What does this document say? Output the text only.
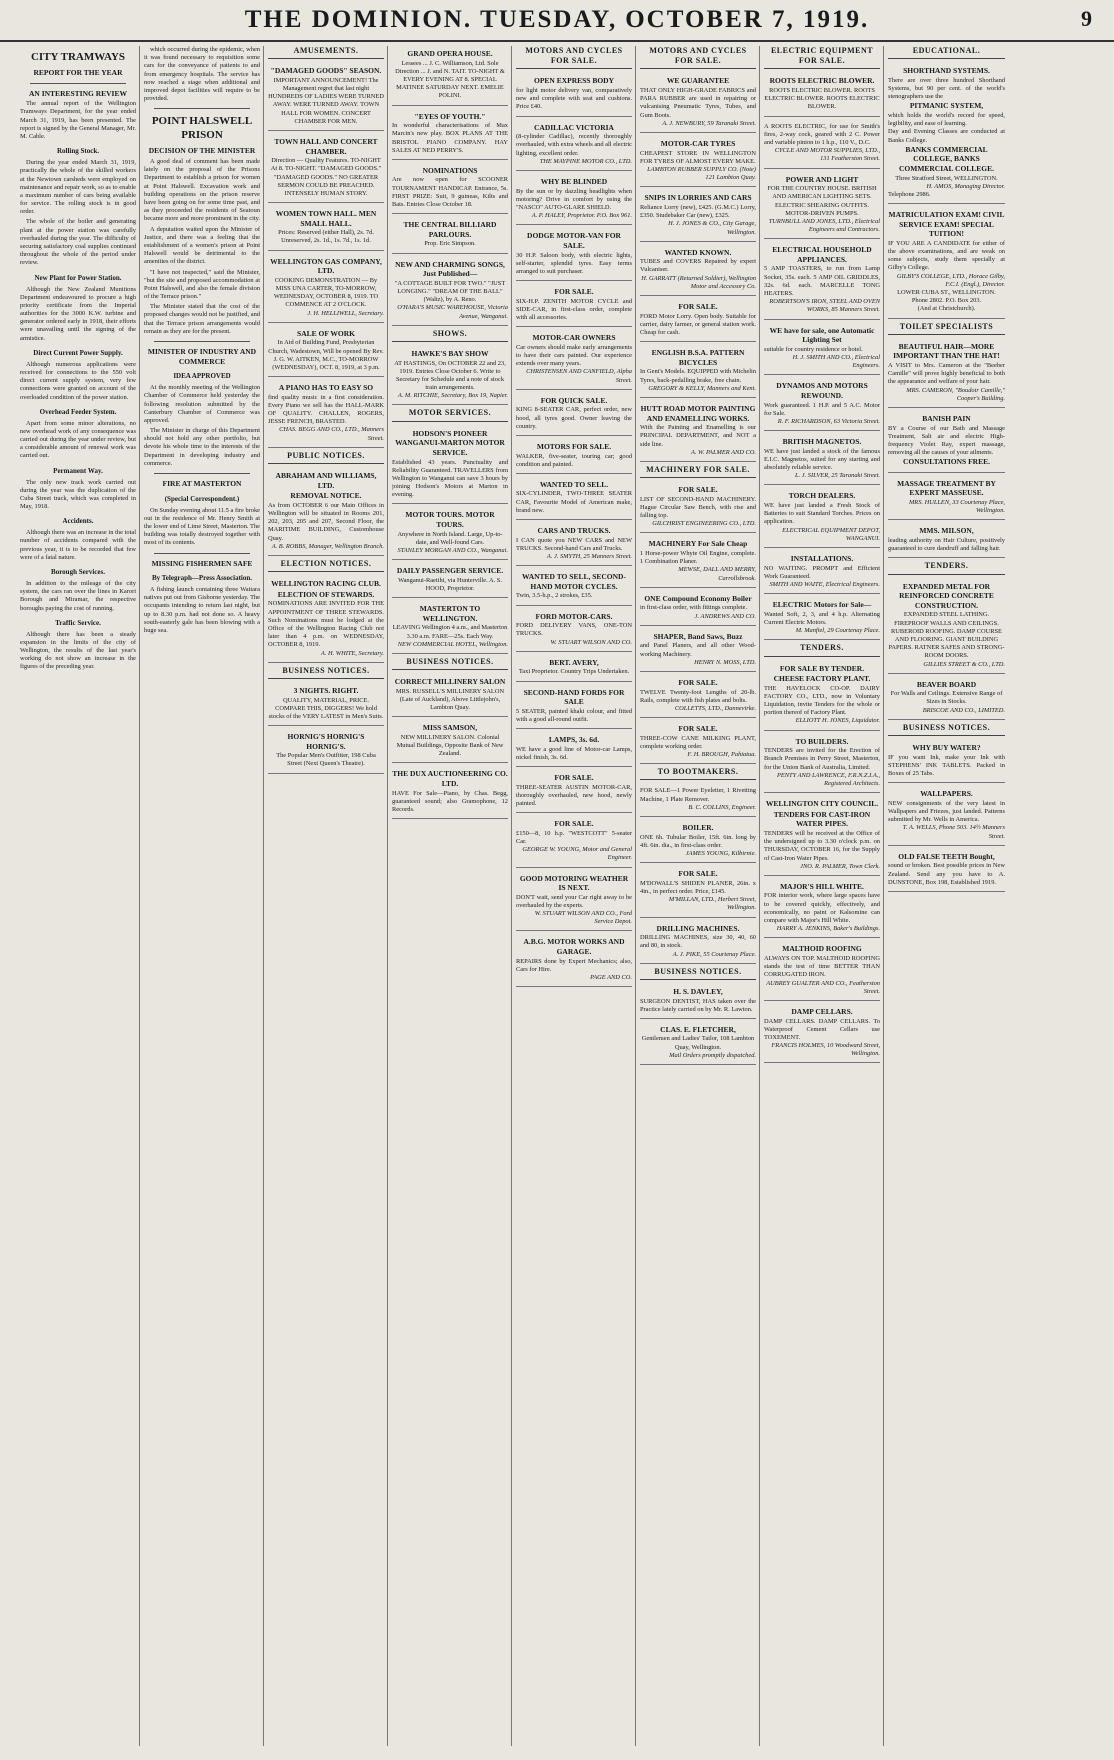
THE DOMINION. TUESDAY, OCTOBER 7, 1919.	9
CITY TRAMWAYS
REPORT FOR THE YEAR
AN INTERESTING REVIEW
The annual report of the Wellington Tramways Department, for the year ended March 31, 1919, has been presented. The report is signed by the General Manager, Mr. M. Cable.
Rolling Stock.
During the year ended March 31, 1919, practically the whole of the skilled workers at the Newtown carsheds were employed on maintenance and repair work, so as to enable a maximum number of cars being available for service. The rolling stock is in good order.
The whole of the boiler and generating plant at the power station was carefully overhauled during the year. The difficulty of securing satisfactory coal supplies continued throughout the whole of the period under review.
New Plant for Power Station.
Although the New Zealand Munitions Department endeavoured to procure a high priority certificate from the Imperial authorities for the 3000 K.W. turbine and generator ordered early in 1918, their efforts were unavailing until the signing of the armistice.
Direct Current Power Supply.
Although numerous applications were received for connections to the 550 volt direct current supply system, very few connections were granted on account of the overloaded condition of the power station.
Overhead Feeder System.
Apart from some minor alterations, no new overhead work of any consequence was carried out during the year under review, but a considerable amount of renewal work was carried out.
Permanent Way.
The only new track work carried out during the year was the duplication of the Cuba Street track, which was completed in May, 1918.
Accidents.
Although there was an increase in the total number of accidents compared with the previous year, it is to be recorded that few were of a fatal nature.
Borough Services.
In addition to the mileage of the city system, the cars ran over the lines in Karori Borough and Miramar, the respective boroughs paying the cost of running.
Traffic Service.
Although there has been a steady expansion in the limits of the city of Wellington, the results of the last year's working do not show an increase in the figures of the preceding year.
which occurred during the epidemic, when it was found necessary to requisition some cars for the conveyance of patients to and from emergency hospitals. The service has now reached a stage when additional and improved depot facilities will require to be provided.
POINT HALSWELL PRISON
DECISION OF THE MINISTER
A good deal of comment has been made lately on the proposal of the Prisons Department to establish a prison for women at Point Halswell. Excavation work and building operations on the prison reserve have been going on for some time past, and as they proceeded the residents of Seatoun became more and more prominent in the city.
A deputation waited upon the Minister of Justice, and there was a feeling that the establishment of a women's prison at Point Halswell would be detrimental to the amenities of the district.
"I have not inspected," said the Minister, "but the site and proposed accommodation at Point Halswell, and also the female division of the Terrace prison."
The Minister stated that the cost of the proposed changes would not be justified, and that the Terrace prison arrangements would remain as they are for the present.
MINISTER OF INDUSTRY AND COMMERCE
IDEA APPROVED
At the monthly meeting of the Wellington Chamber of Commerce held yesterday the following resolution submitted by the Canterbury Chamber of Commerce was approved.
The Minister in charge of this Department should not hold any other portfolio, but devote his whole time to the interests of the Department in developing industry and commerce.
FIRE AT MASTERTON
(Special Correspondent.)
On Sunday evening about 11.5 a fire broke out in the residence of Mr. Henry Smith at the lower end of Lime Street, Masterton. The building was totally destroyed together with most of its contents.
MISSING FISHERMEN SAFE
By Telegraph—Press Association.
A fishing launch containing three Waitara natives put out from Gisborne yesterday. The occupants intending to return last night, but up to 8.30 p.m. had not done so. A heavy south-easterly gale has been blowing with a huge sea.
AMUSEMENTS.
"DAMAGED GOODS" SEASON.
IMPORTANT ANNOUNCEMENT! The Management regret that last night HUNDREDS OF LADIES WERE TURNED AWAY. WERE TURNED AWAY. TOWN HALL FOR WOMEN. CONCERT CHAMBER FOR MEN.
TOWN HALL AND CONCERT CHAMBER.
Direction — Quality Features. TO-NIGHT At 8. TO-NIGHT. "DAMAGED GOODS." "DAMAGED GOODS." NO GREATER SERMON COULD BE PREACHED. INTENSELY HUMAN STORY.
WOMEN TOWN HALL. MEN SMALL HALL.
Prices: Reserved (either Hall), 2s. 7d. Unreserved, 2s. 1d., 1s. 7d., 1s. 1d.
WELLINGTON GAS COMPANY, LTD.
COOKING DEMONSTRATION — By MISS UNA CARTER, TO-MORROW, WEDNESDAY, OCTOBER 8, 1919. TO COMMENCE AT 2 O'CLOCK.
J. H. HELLIWELL, Secretary.
SALE OF WORK
In Aid of Building Fund, Presbyterian Church, Wadestown, Will be opened By Rev. J. G. W. AITKEN, M.C., TO-MORROW (WEDNESDAY), OCT. 8, 1919, at 3 p.m.
A PIANO HAS TO EASY SO
find quality music in a first consideration. Every Piano we sell has the HALL-MARK OF QUALITY. CHALLEN, ROGERS, JESSE FRENCH, BRASTED.
CHAS. BEGG AND CO., LTD., Manners Street.
PUBLIC NOTICES.
ABRAHAM AND WILLIAMS, LTD.
REMOVAL NOTICE.
As from OCTOBER 6 our Main Offices in Wellington will be situated in Rooms 201, 202, 203, 205 and 207, Second Floor, the MARITIME BUILDING, Customhouse Quay.
A. B. ROBBS, Manager, Wellington Branch.
ELECTION NOTICES.
WELLINGTON RACING CLUB.
ELECTION OF STEWARDS.
NOMINATIONS ARE INVITED FOR THE APPOINTMENT OF THREE STEWARDS. Such Nominations must be lodged at the Office of the Wellington Racing Club not later than 4 p.m. on WEDNESDAY, OCTOBER 8, 1919.
A. H. WHITE, Secretary.
BUSINESS NOTICES.
3 NIGHTS. RIGHT.
QUALITY, MATERIAL, PRICE. COMPARE THIS, DIGGERS! We hold stocks of the VERY LATEST in Men's Suits.
HORNIG'S HORNIG'S HORNIG'S.
The Popular Men's Outfitter, 198 Cuba Street (Next Queen's Theatre).
GRAND OPERA HOUSE.
Lessees ... J. C. Williamson, Ltd. Sole Direction ... J. and N. TAIT. TO-NIGHT & EVERY EVENING AT 8. SPECIAL MATINEE SATURDAY NEXT. EMELIE POLINI.
"EYES OF YOUTH."
In wonderful characterisations of Max Marcin's new play. BOX PLANS AT THE BRISTOL PIANO COMPANY. HAY SALES AT NED PERRY'S.
NOMINATIONS
Are now open for SCOONER TOURNAMENT HANDICAP. Entrance, 5s. FIRST PRIZE: Suit, 9 guineas, Kilts and Bats. Entries Close October 18.
THE CENTRAL BILLIARD PARLOURS.
Prop. Eric Simpson.
NEW AND CHARMING SONGS, Just Published—
"A COTTAGE BUILT FOR TWO." "JUST LONGING." "DREAM OF THE BALL" (Waltz), by A. Reno.
O'HARA'S MUSIC WAREHOUSE, Victoria Avenue, Wanganui.
SHOWS.
HAWKE'S BAY SHOW
AT HASTINGS, On OCTOBER 22 and 23, 1919. Entries Close October 6. Write to Secretary for Schedule and a note of stock train arrangements.
A. M. RITCHIE, Secretary, Box 19, Napier.
MOTOR SERVICES.
HODSON'S PIONEER WANGANUI-MARTON MOTOR SERVICE.
Established 43 years. Punctuality and Reliability Guaranteed. TRAVELLERS from Wellington to Wanganui can save 3 hours by joining Hodson's Motors at Marton in evening.
MOTOR TOURS. MOTOR TOURS.
Anywhere in North Island. Large, Up-to-date, and Well-found Cars.
STANLEY MORGAN AND CO., Wanganui.
DAILY PASSENGER SERVICE.
Wanganui-Raetihi, via Hunterville. A. S. HOOD, Proprietor.
MASTERTON TO WELLINGTON.
LEAVING Wellington 4 a.m., and Masterton 3.30 a.m. FARE—25s. Each Way.
NEW COMMERCIAL HOTEL, Wellington.
BUSINESS NOTICES.
CORRECT MILLINERY SALON
MRS. RUSSELL'S MILLINERY SALON (Late of Auckland), Above Littlejohn's, Lambton Quay.
MISS SAMSON,
NEW MILLINERY SALON. Colonial Mutual Buildings, Opposite Bank of New Zealand.
THE DUX AUCTIONEERING CO. LTD.
HAVE For Sale—Piano, by Chas. Begg, guaranteed sound; also Gramophone, 12 Records.
MOTORS AND CYCLES FOR SALE.
OPEN EXPRESS BODY
for light motor delivery van, comparatively new and complete with seat and cushions. Price £40.
CADILLAC VICTORIA
(8-cylinder Cadillac), recently thoroughly overhauled, with extra wheels and all electric lighting, excellent order.
THE MAYPINE MOTOR CO., LTD.
WHY BE BLINDED
By the sun or by dazzling headlights when motoring? Drive in comfort by using the "NASCO" AUTO-GLARE SHIELD.
A. P. HALEY, Proprietor. P.O. Box 961.
DODGE MOTOR-VAN FOR SALE.
30 H.P. Saloon body, with electric lights, self-starter, splendid tyres. Easy terms arranged to suit purchaser.
FOR SALE.
SIX-H.P. ZENITH MOTOR CYCLE and SIDE-CAR, in first-class order, complete with all accessories.
MOTOR-CAR OWNERS
Car owners should make early arrangements to have their cars painted. Our experience extends over many years.
CHRISTENSEN AND CANFIELD, Alpha Street.
FOR QUICK SALE.
KING 8-SEATER CAR, perfect order, new hood, all tyres good. Owner leaving the country.
MOTORS FOR SALE.
WALKER, five-seater, touring car; good condition and painted.
WANTED TO SELL.
SIX-CYLINDER, TWO-THREE SEATER CAR, Favourite Model of American make, brand new.
CARS AND TRUCKS.
I CAN quote you NEW CARS and NEW TRUCKS. Second-hand Cars and Trucks.
A. J. SMYTH, 25 Manners Street.
WANTED TO SELL, SECOND-HAND MOTOR CYCLES.
Twin, 3.5-h.p., 2 strokes, £35.
FORD MOTOR-CARS.
FORD DELIVERY VANS, ONE-TON TRUCKS.
W. STUART WILSON AND CO.
BERT. AVERY,
Taxi Proprietor. Country Trips Undertaken.
SECOND-HAND FORDS FOR SALE
5 SEATER, painted khaki colour, and fitted with a good all-round outfit.
LAMPS, 3s. 6d.
WE have a good line of Motor-car Lamps, nickel finish, 3s. 6d.
FOR SALE.
THREE-SEATER AUSTIN MOTOR-CAR, thoroughly overhauled, new hood, newly painted.
FOR SALE.
£150—8, 10 h.p. "WESTCOTT" 5-seater Car.
GEORGE W. YOUNG, Motor and General Engineer.
GOOD MOTORING WEATHER IS NEXT.
DON'T wait, send your Car right away to be overhauled by the experts.
W. STUART WILSON AND CO., Ford Service Depot.
A.B.G. MOTOR WORKS AND GARAGE.
REPAIRS done by Expert Mechanics; also, Cars for Hire.
PAGE AND CO.
MOTORS AND CYCLES FOR SALE.
WE GUARANTEE
THAT ONLY HIGH-GRADE FABRICS and PARA RUBBER are used in repairing or vulcanising Pneumatic Tyres, Tubes, and Gum Boots.
A. J. NEWBURY, 59 Taranaki Street.
MOTOR-CAR TYRES
CHEAPEST STORE IN WELLINGTON FOR TYRES OF ALMOST EVERY MAKE.
LAMBTON RUBBER SUPPLY CO. (Note) 121 Lambton Quay.
SNIPS IN LORRIES AND CARS
Reliance Lorry (new), £425. (G.M.C.) Lorry, £350. Studebaker Car (new), £325.
H. J. JONES & CO., City Garage, Wellington.
WANTED KNOWN.
TUBES and COVERS Repaired by expert Vulcaniser.
H. GARRATT (Returned Soldier), Wellington Motor and Accessory Co.
FOR SALE.
FORD Motor Lorry. Open body. Suitable for carrier, dairy farmer, or general station work. Cheap for cash.
ENGLISH B.S.A. PATTERN BICYCLES
In Gent's Models. EQUIPPED with Michelin Tyres, back-pedalling brake, free chain.
GREGORY & KELLY, Manners and Kent.
HUTT ROAD MOTOR PAINTING AND ENAMELLING WORKS.
With the Painting and Enamelling is our PRINCIPAL DEPARTMENT, and NOT a side line.
A. W. PALMER AND CO.
MACHINERY FOR SALE.
FOR SALE.
LIST OF SECOND-HAND MACHINERY. Hague Circular Saw Bench, with rise and falling top.
GILCHRIST ENGINEERING CO., LTD.
MACHINERY For Sale Cheap
1 Horse-power Whyte Oil Engine, complete. 1 Combination Planer.
MEWSE, DALL AND MERRY, Carrollsbrook.
ONE Compound Economy Boiler
in first-class order, with fittings complete.
J. ANDREWS AND CO.
SHAPER, Band Saws, Buzz
and Panel Planers, and all other Wood-working Machinery.
HENRY N. MOSS, LTD.
FOR SALE.
TWELVE Twenty-foot Lengths of 20-lb. Rails, complete with fish plates and bolts.
COLLETTS, LTD., Dannevirke.
FOR SALE.
THREE-COW CANE MILKING PLANT, complete working order.
F. H. BROUGH, Pahiatua.
TO BOOTMAKERS.
FOR SALE—1 Power Eyeletter, 1 Rivetting Machine, 1 Plate Remover.
B. C. COLLINS, Engineer.
BOILER.
ONE 6h. Tubular Boiler, 15ft. 6in. long by 4ft. 6in. dia., in first-class order.
JAMES YOUNG, Kilbirnie.
FOR SALE.
M'DOWALL'S SHIDEN PLANER, 26in. x 4in., in perfect order. Price, £145.
M'MILLAN, LTD., Herbert Street, Wellington.
DRILLING MACHINES.
DRILLING MACHINES, size 30, 40, 60 and 80, in stock.
A. J. PIKE, 55 Courtenay Place.
BUSINESS NOTICES.
H. S. DAVLEY,
SURGEON DENTIST, HAS taken over the Practice lately carried on by Mr. R. Lawton.
CLAS. E. FLETCHER,
Gentlemen and Ladies' Tailor, 108 Lambton Quay, Wellington.
Mail Orders promptly dispatched.
ELECTRIC EQUIPMENT FOR SALE.
ROOTS ELECTRIC BLOWER.
ROOTS ELECTRIC BLOWER. ROOTS ELECTRIC BLOWER. ROOTS ELECTRIC BLOWER.
A ROOTS ELECTRIC, for use for Smith's fires, 2-way cock, geared with 2 C. Power and variable pinion to 1 h.p., 110 V., D.C.
CYCLE AND MOTOR SUPPLIES, LTD., 131 Featherston Street.
POWER AND LIGHT
FOR THE COUNTRY HOUSE. BRITISH AND AMERICAN LIGHTING SETS. ELECTRIC SHEARING OUTFITS. MOTOR-DRIVEN PUMPS.
TURNBULL AND JONES, LTD., Electrical Engineers and Contractors.
ELECTRICAL HOUSEHOLD APPLIANCES.
5 AMP TOASTERS, to run from Lamp Socket, 35s. each. 5 AMP OIL GRIDDLES, 32s. 6d. each. MARCELLE TONG HEATERS.
ROBERTSON'S IRON, STEEL AND OVEN WORKS, 85 Manners Street.
WE have for sale, one Automatic Lighting Set
suitable for country residence or hotel.
H. J. SMITH AND CO., Electrical Engineers.
DYNAMOS AND MOTORS REWOUND.
Work guaranteed. 1 H.P. and 5 A.C. Motor for Sale.
R. F. RICHARDSON, 63 Victoria Street.
BRITISH MAGNETOS.
WE have just landed a stock of the famous E.I.C. Magnetos, suited for any starting and absolutely reliable service.
L. J. SILVER, 25 Taranaki Street.
TORCH DEALERS.
WE have just landed a Fresh Stock of Batteries to suit Standard Torches. Prices on application.
ELECTRICAL EQUIPMENT DEPOT, WANGANUI.
INSTALLATIONS.
NO WAITING. PROMPT and Efficient Work Guaranteed.
SMITH AND WAITE, Electrical Engineers.
ELECTRIC Motors for Sale—
Wanted Soft, 2, 3, and 4 h.p. Alternating Current Electric Motors.
M. Manfiel, 29 Courtenay Place.
TENDERS.
FOR SALE BY TENDER.
CHEESE FACTORY PLANT.
THE HAVELOCK CO-OP. DAIRY FACTORY CO., LTD., now in Voluntary Liquidation, invite Tenders for the whole or portion thereof of Factory Plant.
ELLIOTT H. JONES, Liquidator.
TO BUILDERS.
TENDERS are invited for the Erection of Branch Premises in Perry Street, Masterton, for the Union Bank of Australia, Limited.
PENTY AND LAWRENCE, F.R.N.Z.I.A., Registered Architects.
WELLINGTON CITY COUNCIL.
TENDERS FOR CAST-IRON WATER PIPES.
TENDERS will be received at the Office of the undersigned up to 3.30 o'clock p.m. on THURSDAY, OCTOBER 16, for the Supply of Cast-Iron Water Pipes.
JNO. R. PALMER, Town Clerk.
MAJOR'S HILL WHITE.
FOR interior work, where large spaces have to be covered quickly, effectively, and economically, no paint or Kalsomine can compare with Major's Hill White.
HARRY A. JENKINS, Baker's Buildings.
MALTHOID ROOFING
ALWAYS ON TOP. MALTHOID ROOFING stands the test of time BETTER THAN CORRUGATED IRON.
AUBREY GUALTER AND CO., Featherston Street.
DAMP CELLARS.
DAMP CELLARS. DAMP CELLARS. To Waterproof Cement Cellars use TOXEMENT.
FRANCIS HOLMES, 10 Woodward Street, Wellington.
EDUCATIONAL.
SHORTHAND SYSTEMS.
There are over three hundred Shorthand Systems, but 90 per cent. of the world's stenographers use the
PITMANIC SYSTEM,
which holds the world's record for speed, legibility, and ease of learning.
Day and Evening Classes are conducted at Banks College.
BANKS COMMERCIAL COLLEGE, BANKS COMMERCIAL COLLEGE.
Three Stratford Street, WELLINGTON.
H. AMOS, Managing Director.
Telephone 2986.
MATRICULATION EXAM! CIVIL SERVICE EXAM! SPECIAL TUITION!
IF YOU ARE A CANDIDATE for either of the above examinations, and are weak on some subjects, study them specially at Gilby's College.
GILBY'S COLLEGE, LTD., Horace Gilby, F.C.I. (Engl.), Director.
LOWER CUBA ST., WELLINGTON.
Phone 2802. P.O. Box 203.
(And at Christchurch).
TOILET SPECIALISTS
BEAUTIFUL HAIR—MORE IMPORTANT THAN THE HAT!
A VISIT to Mrs. Cameron at the "Beeber Camille" will prove highly beneficial to both the appearance and welfare of your hair.
MRS. CAMERON, "Boudoir Camille," Cooper's Building.
BANISH PAIN
BY a Course of our Bath and Massage Treatment, Salt air and electric High-frequency Violet Ray, expert massage, removing all the causes of your ailments.
CONSULTATIONS FREE.
MASSAGE TREATMENT BY EXPERT MASSEUSE.
MRS. HULLEN, 33 Courtenay Place, Wellington.
MMS. MILSON,
leading authority on Hair Culture, positively guaranteed to cure dandruff and falling hair.
TENDERS.
EXPANDED METAL FOR REINFORCED CONCRETE CONSTRUCTION.
EXPANDED STEEL LATHING. FIREPROOF WALLS AND CEILINGS. RUBEROID ROOFING. DAMP COURSE AND FLOORING. GIANT BUILDING PAPERS. RATNER SAFES AND STRONG-ROOM DOORS.
GILLIES STREET & CO., LTD.
BEAVER BOARD
For Walls and Ceilings. Extensive Range of Sizes in Stocks.
BRISCOE AND CO., LIMITED.
BUSINESS NOTICES.
WHY BUY WATER?
IF you want Ink, make your Ink with STEPHENS' INK TABLETS. Packed in Boxes of 25 Tabs.
WALLPAPERS.
NEW consignments of the very latest in Wallpapers and Friezes, just landed. Patterns submitted by Mr. Wells in America.
T. A. WELLS, Phone 503. 14½ Manners Street.
OLD FALSE TEETH Bought,
sound or broken. Best possible prices in New Zealand. Send any you have to A. DUNSTONE, Box 198, Established 1919.
